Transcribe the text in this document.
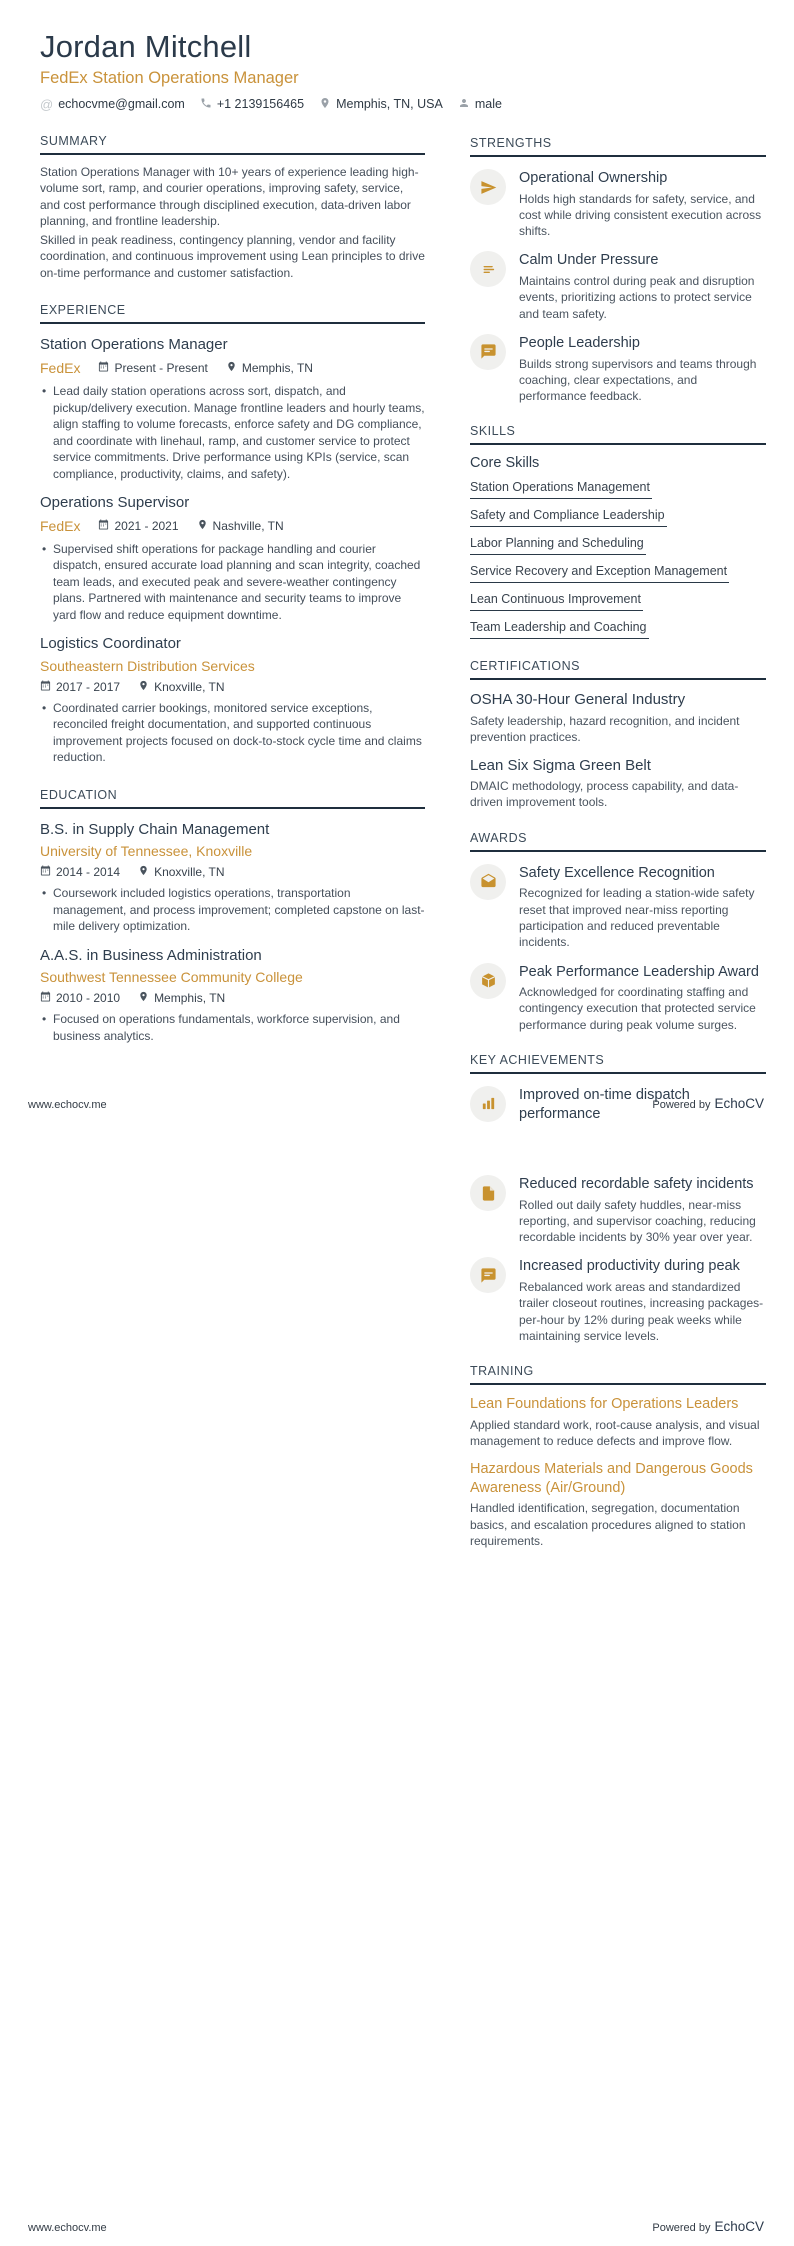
Jordan Mitchell
FedEx Station Operations Manager
@ echocvme@gmail.com	+1 2139156465	Memphis, TN, USA	male
SUMMARY
Station Operations Manager with 10+ years of experience leading high-volume sort, ramp, and courier operations, improving safety, service, and cost performance through disciplined execution, data-driven labor planning, and frontline leadership.
Skilled in peak readiness, contingency planning, vendor and facility coordination, and continuous improvement using Lean principles to drive on-time performance and customer satisfaction.
EXPERIENCE
Station Operations Manager
FedEx	Present - Present	Memphis, TN
• Lead daily station operations across sort, dispatch, and pickup/delivery execution. Manage frontline leaders and hourly teams, align staffing to volume forecasts, enforce safety and DG compliance, and coordinate with linehaul, ramp, and customer service to protect service commitments. Drive performance using KPIs (service, scan compliance, productivity, claims, and safety).
Operations Supervisor
FedEx	2021 - 2021	Nashville, TN
• Supervised shift operations for package handling and courier dispatch, ensured accurate load planning and scan integrity, coached team leads, and executed peak and severe-weather contingency plans. Partnered with maintenance and security teams to improve yard flow and reduce equipment downtime.
Logistics Coordinator
Southeastern Distribution Services
2017 - 2017	Knoxville, TN
• Coordinated carrier bookings, monitored service exceptions, reconciled freight documentation, and supported continuous improvement projects focused on dock-to-stock cycle time and claims reduction.
EDUCATION
B.S. in Supply Chain Management
University of Tennessee, Knoxville
2014 - 2014	Knoxville, TN
• Coursework included logistics operations, transportation management, and process improvement; completed capstone on last-mile delivery optimization.
A.A.S. in Business Administration
Southwest Tennessee Community College
2010 - 2010	Memphis, TN
• Focused on operations fundamentals, workforce supervision, and business analytics.
STRENGTHS
Operational Ownership
Holds high standards for safety, service, and cost while driving consistent execution across shifts.
Calm Under Pressure
Maintains control during peak and disruption events, prioritizing actions to protect service and team safety.
People Leadership
Builds strong supervisors and teams through coaching, clear expectations, and performance feedback.
SKILLS
Core Skills
Station Operations Management
Safety and Compliance Leadership
Labor Planning and Scheduling
Service Recovery and Exception Management
Lean Continuous Improvement
Team Leadership and Coaching
CERTIFICATIONS
OSHA 30-Hour General Industry
Safety leadership, hazard recognition, and incident prevention practices.
Lean Six Sigma Green Belt
DMAIC methodology, process capability, and data-driven improvement tools.
AWARDS
Safety Excellence Recognition
Recognized for leading a station-wide safety reset that improved near-miss reporting participation and reduced preventable incidents.
Peak Performance Leadership Award
Acknowledged for coordinating staffing and contingency execution that protected service performance during peak volume surges.
KEY ACHIEVEMENTS
Improved on-time dispatch performance
www.echocv.me	Powered by EchoCV
Reduced recordable safety incidents
Rolled out daily safety huddles, near-miss reporting, and supervisor coaching, reducing recordable incidents by 30% year over year.
Increased productivity during peak
Rebalanced work areas and standardized trailer closeout routines, increasing packages-per-hour by 12% during peak weeks while maintaining service levels.
TRAINING
Lean Foundations for Operations Leaders
Applied standard work, root-cause analysis, and visual management to reduce defects and improve flow.
Hazardous Materials and Dangerous Goods Awareness (Air/Ground)
Handled identification, segregation, documentation basics, and escalation procedures aligned to station requirements.
www.echocv.me	Powered by EchoCV
